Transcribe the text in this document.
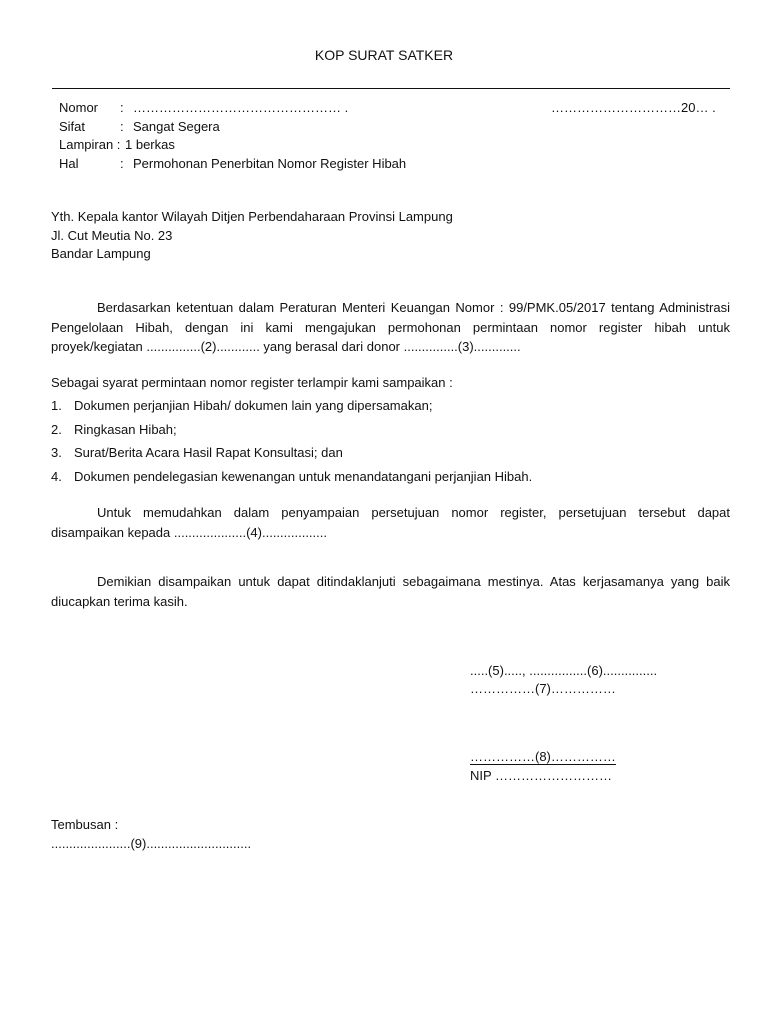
KOP SURAT SATKER
Nomor : ………………………………………… .
Sifat	: Sangat Segera
Lampiran : 1 berkas
Hal	: Permohonan Penerbitan Nomor Register Hibah
…………………………20… .
Yth. Kepala kantor Wilayah Ditjen Perbendaharaan Provinsi Lampung
Jl. Cut Meutia No. 23
Bandar Lampung
Berdasarkan ketentuan dalam Peraturan Menteri Keuangan Nomor : 99/PMK.05/2017 tentang Administrasi Pengelolaan Hibah, dengan ini kami mengajukan permohonan permintaan nomor register hibah untuk proyek/kegiatan ...............(2)............ yang berasal dari donor ...............(3).............
Sebagai syarat permintaan nomor register terlampir kami sampaikan :
1. Dokumen perjanjian Hibah/ dokumen lain yang dipersamakan;
2. Ringkasan Hibah;
3. Surat/Berita Acara Hasil Rapat Konsultasi; dan
4. Dokumen pendelegasian kewenangan untuk menandatangani perjanjian Hibah.
Untuk memudahkan dalam penyampaian persetujuan nomor register, persetujuan tersebut dapat disampaikan kepada ....................(4)..................
Demikian disampaikan untuk dapat ditindaklanjuti sebagaimana mestinya. Atas kerjasamanya yang baik diucapkan terima kasih.
.....(5)....., ................(6)...............
……………(7)……………
……………(8)……………
NIP ………………………
Tembusan :
......................(9).............................
